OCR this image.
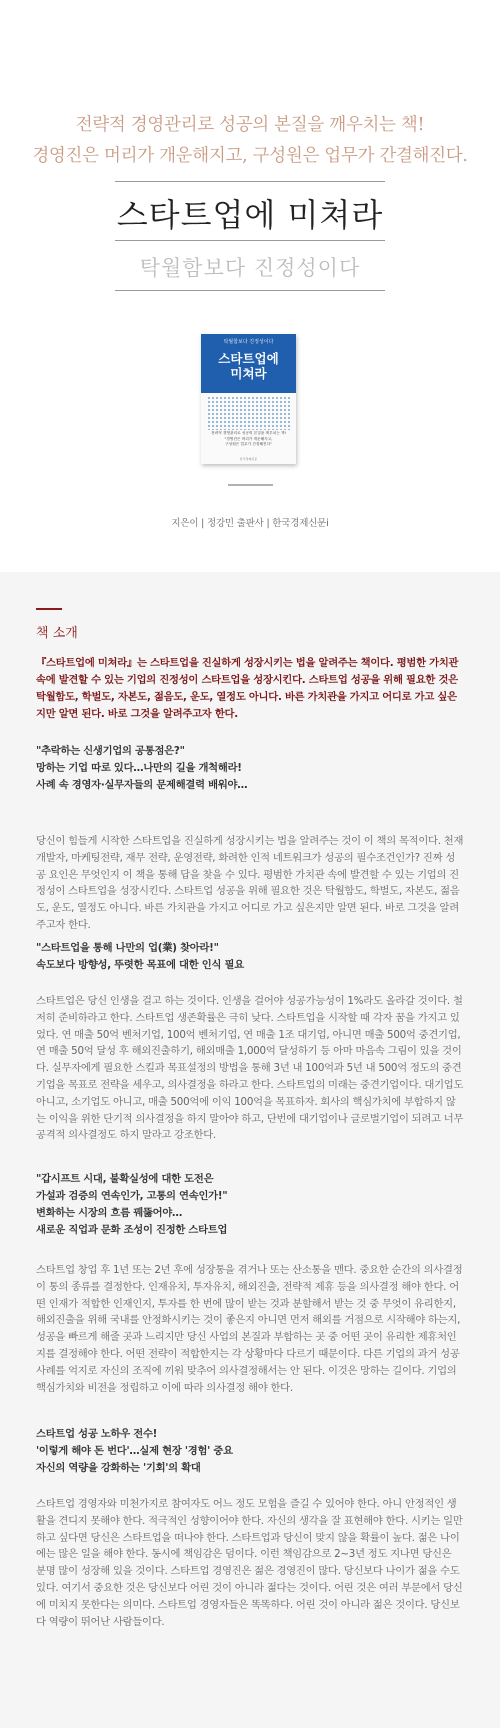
전략적 경영관리로 성공의 본질을 깨우치는 책!
경영진은 머리가 개운해지고, 구성원은 업무가 간결해진다.
스타트업에 미쳐라
탁월함보다 진정성이다
탁월함보다 진정성이다
스타트업에
미쳐라
전략적 경영관리로 성공의 본질을 깨우치는 책!
"경영진은 머리가 개운해지고,
구성원은 업무가 간결해진다"
한국경제신문
지은이 | 정강민 출판사 | 한국경제신문i
책 소개
『스타트업에 미쳐라』는 스타트업을 진실하게 성장시키는 법을 알려주는 책이다. 평범한 가치관 속에 발견할 수 있는 기업의 진정성이 스타트업을 성장시킨다. 스타트업 성공을 위해 필요한 것은 탁월함도, 학벌도, 자본도, 젊음도, 운도, 열정도 아니다. 바른 가치관을 가지고 어디로 가고 싶은지만 알면 된다. 바로 그것을 알려주고자 한다.
"추락하는 신생기업의 공통점은?"
망하는 기업 따로 있다…나만의 길을 개척해라!
사례 속 경영자·실무자들의 문제해결력 배워야…
당신이 힘들게 시작한 스타트업을 진실하게 성장시키는 법을 알려주는 것이 이 책의 목적이다. 천재개발자, 마케팅전략, 재무 전략, 운영전략, 화려한 인적 네트워크가 성공의 필수조건인가? 진짜 성공 요인은 무엇인지 이 책을 통해 답을 찾을 수 있다. 평범한 가치관 속에 발견할 수 있는 기업의 진정성이 스타트업을 성장시킨다. 스타트업 성공을 위해 필요한 것은 탁월함도, 학벌도, 자본도, 젊음도, 운도, 열정도 아니다. 바른 가치관을 가지고 어디로 가고 싶은지만 알면 된다. 바로 그것을 알려주고자 한다.
"스타트업을 통해 나만의 업(業) 찾아라!"
속도보다 방향성, 뚜렷한 목표에 대한 인식 필요
스타트업은 당신 인생을 걸고 하는 것이다. 인생을 걸어야 성공가능성이 1%라도 올라갈 것이다. 철저히 준비하라고 한다. 스타트업 생존확률은 극히 낮다. 스타트업을 시작할 때 각자 꿈을 가지고 있었다. 연 매출 50억 벤처기업, 100억 벤처기업, 연 매출 1조 대기업, 아니면 매출 500억 중견기업, 연 매출 50억 달성 후 해외진출하기, 해외매출 1,000억 달성하기 등 아마 마음속 그림이 있을 것이다. 실무자에게 필요한 스킬과 목표설정의 방법을 통해 3년 내 100억과 5년 내 500억 정도의 중견기업을 목표로 전략을 세우고, 의사결정을 하라고 한다. 스타트업의 미래는 중견기업이다. 대기업도 아니고, 소기업도 아니고, 매출 500억에 이익 100억을 목표하자. 회사의 핵심가치에 부합하지 않는 이익을 위한 단기적 의사결정을 하지 말아야 하고, 단번에 대기업이나 글로벌기업이 되려고 너무 공격적 의사결정도 하지 말라고 강조한다.
"갑시프트 시대, 불확실성에 대한 도전은
가설과 검증의 연속인가, 고통의 연속인가!"
변화하는 시장의 흐름 꿰뚫어야…
새로운 직업과 문화 조성이 진정한 스타트업
스타트업 창업 후 1년 또는 2년 후에 성장통을 겪거나 또는 산소통을 맨다. 중요한 순간의 의사결정이 통의 종류를 결정한다. 인재유치, 투자유치, 해외진출, 전략적 제휴 등을 의사결정 해야 한다. 어떤 인재가 적합한 인재인지, 투자를 한 번에 많이 받는 것과 분할해서 받는 것 중 무엇이 유리한지, 해외진출을 위해 국내를 안정화시키는 것이 좋은지 아니면 먼저 해외를 거점으로 시작해야 하는지, 성공을 빠르게 해줄 곳과 느리지만 당신 사업의 본질과 부합하는 곳 중 어떤 곳이 유리한 제휴처인지를 결정해야 한다. 어떤 전략이 적합한지는 각 상황마다 다르기 때문이다. 다른 기업의 과거 성공사례를 억지로 자신의 조직에 끼워 맞추어 의사결정해서는 안 된다. 이것은 망하는 길이다. 기업의 핵심가치와 비전을 정립하고 이에 따라 의사결정 해야 한다.
스타트업 성공 노하우 전수!
'이렇게 해야 돈 번다'…실제 현장 '경험' 중요
자신의 역량을 강화하는 '기회'의 확대
스타트업 경영자와 미천가지로 참여자도 어느 정도 모험을 즐길 수 있어야 한다. 아니 안정적인 생활을 견디지 못해야 한다. 적극적인 성향이어야 한다. 자신의 생각을 잘 표현해야 한다. 시키는 일만 하고 싶다면 당신은 스타트업을 떠나야 한다. 스타트업과 당신이 맞지 않을 확률이 높다. 젊은 나이에는 많은 일을 해야 한다. 동시에 책임감은 덤이다. 이런 책임감으로 2~3년 정도 지나면 당신은 분명 많이 성장해 있을 것이다. 스타트업 경영진은 젊은 경영진이 많다. 당신보다 나이가 젊을 수도 있다. 여기서 중요한 것은 당신보다 어린 것이 아니라 젊다는 것이다. 어린 것은 여러 부문에서 당신에 미치지 못한다는 의미다. 스타트업 경영자들은 똑똑하다. 어린 것이 아니라 젊은 것이다. 당신보다 역량이 뛰어난 사람들이다.
